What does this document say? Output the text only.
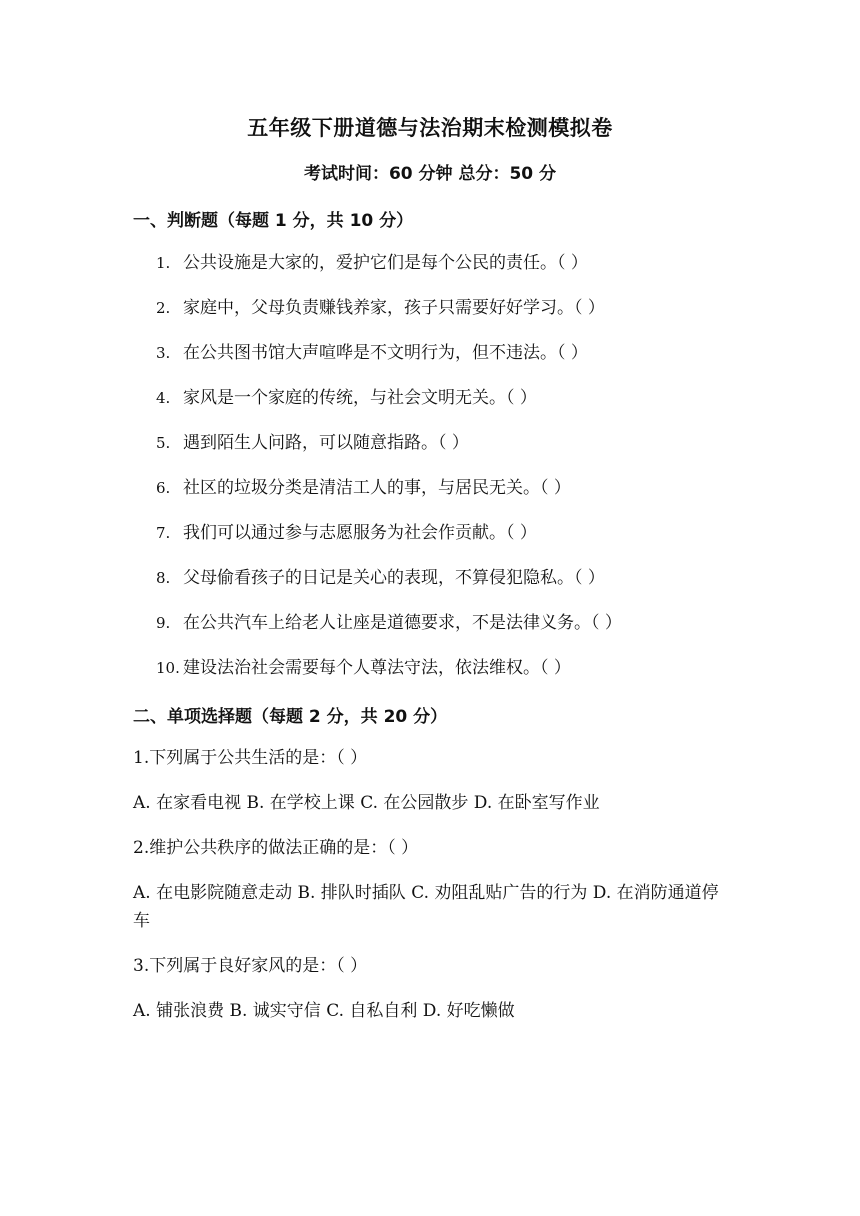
五年级下册道德与法治期末检测模拟卷
考试时间：60 分钟 总分：50 分
一、判断题（每题 1 分，共 10 分）
1. 公共设施是大家的，爱护它们是每个公民的责任。（ ）
2. 家庭中，父母负责赚钱养家，孩子只需要好好学习。（ ）
3. 在公共图书馆大声喧哗是不文明行为，但不违法。（ ）
4. 家风是一个家庭的传统，与社会文明无关。（ ）
5. 遇到陌生人问路，可以随意指路。（ ）
6. 社区的垃圾分类是清洁工人的事，与居民无关。（ ）
7. 我们可以通过参与志愿服务为社会作贡献。（ ）
8. 父母偷看孩子的日记是关心的表现，不算侵犯隐私。（ ）
9. 在公共汽车上给老人让座是道德要求，不是法律义务。（ ）
10. 建设法治社会需要每个人尊法守法，依法维权。（ ）
二、单项选择题（每题 2 分，共 20 分）
1.下列属于公共生活的是：（ ）
A. 在家看电视 B. 在学校上课 C. 在公园散步 D. 在卧室写作业
2.维护公共秩序的做法正确的是：（ ）
A. 在电影院随意走动 B. 排队时插队 C. 劝阻乱贴广告的行为 D. 在消防通道停车
3.下列属于良好家风的是：（ ）
A. 铺张浪费 B. 诚实守信 C. 自私自利 D. 好吃懒做
